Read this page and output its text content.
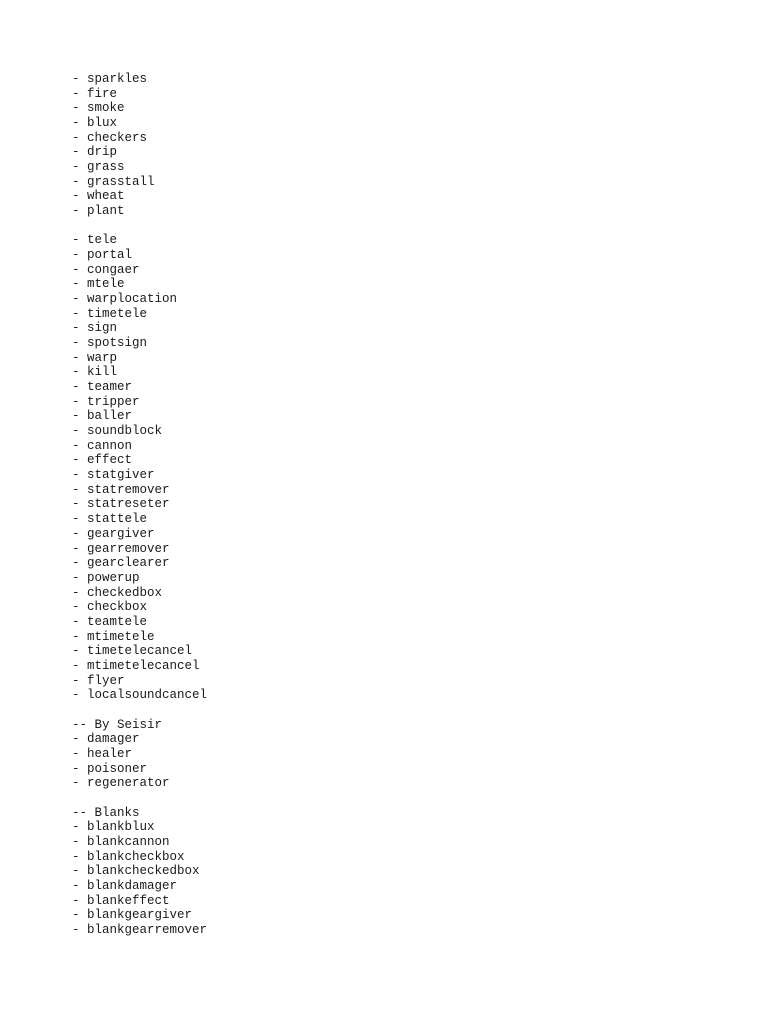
- sparkles
- fire
- smoke
- blux
- checkers
- drip
- grass
- grasstall
- wheat
- plant
- tele
- portal
- congaer
- mtele
- warplocation
- timetele
- sign
- spotsign
- warp
- kill
- teamer
- tripper
- baller
- soundblock
- cannon
- effect
- statgiver
- statremover
- statreseter
- stattele
- geargiver
- gearremover
- gearclearer
- powerup
- checkedbox
- checkbox
- teamtele
- mtimetele
- timetelecancel
- mtimetelecancel
- flyer
- localsoundcancel
-- By Seisir
- damager
- healer
- poisoner
- regenerator
-- Blanks
- blankblux
- blankcannon
- blankcheckbox
- blankcheckedbox
- blankdamager
- blankeffect
- blankgeargiver
- blankgearremover
